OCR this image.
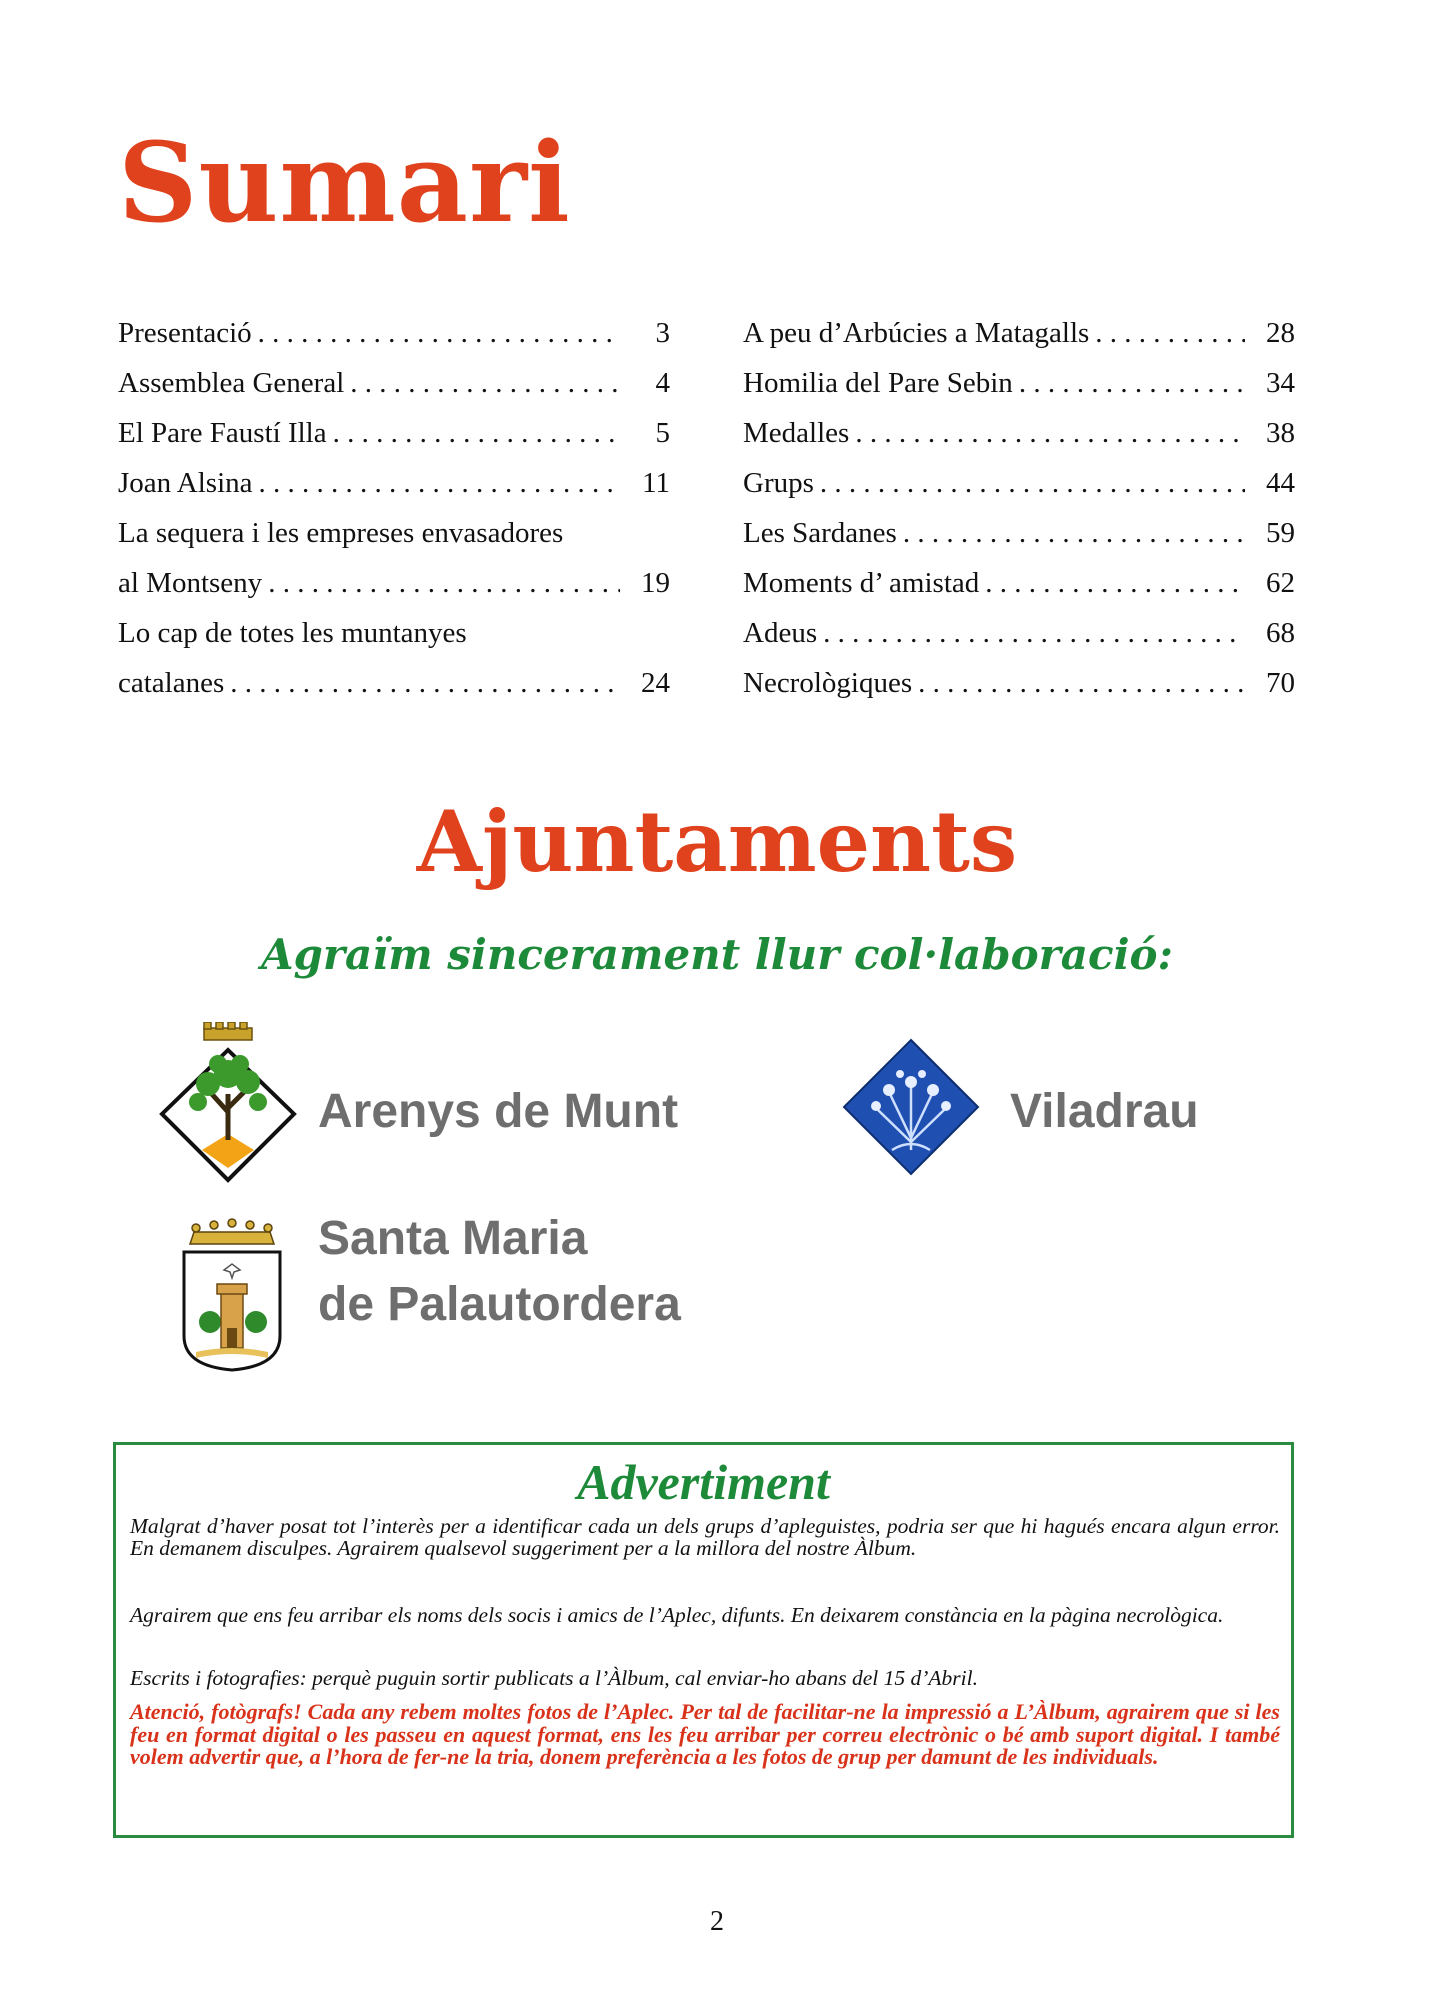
Sumari
Presentació . . .	3
Assemblea General . . .	4
El Pare Faustí Illa . . .	5
Joan Alsina . . .	11
La sequera i les empreses envasadores
al Montseny . . .	19
Lo cap de totes les muntanyes
catalanes . . .	24
A peu d’Arbúcies a Matagalls . . .	28
Homilia del Pare Sebin . . .	34
Medalles . . .	38
Grups . . .	44
Les Sardanes . . .	59
Moments d’ amistad . . .	62
Adeus . . .	68
Necrològiques . . .	70
Ajuntaments
Agraïm sincerament llur col·laboració:
Arenys de Munt	Viladrau
Santa Maria
de Palautordera
Advertiment
Malgrat d’haver posat tot l’interès per a identificar cada un dels grups d’apleguistes, podria ser que hi hagués encara algun error. En demanem disculpes. Agrairem qualsevol suggeriment per a la millora del nostre Àlbum.
Agrairem que ens feu arribar els noms dels socis i amics de l’Aplec, difunts. En deixarem constància en la pàgina necrològica.
Escrits i fotografies: perquè puguin sortir publicats a l’Àlbum, cal enviar-ho abans del 15 d’Abril.
Atenció, fotògrafs! Cada any rebem moltes fotos de l’Aplec. Per tal de facilitar-ne la impressió a L’Àlbum, agrairem que si les feu en format digital o les passeu en aquest format, ens les feu arribar per correu electrònic o bé amb suport digital. I també volem advertir que, a l’hora de fer-ne la tria, donem preferència a les fotos de grup per damunt de les individuals.
2
